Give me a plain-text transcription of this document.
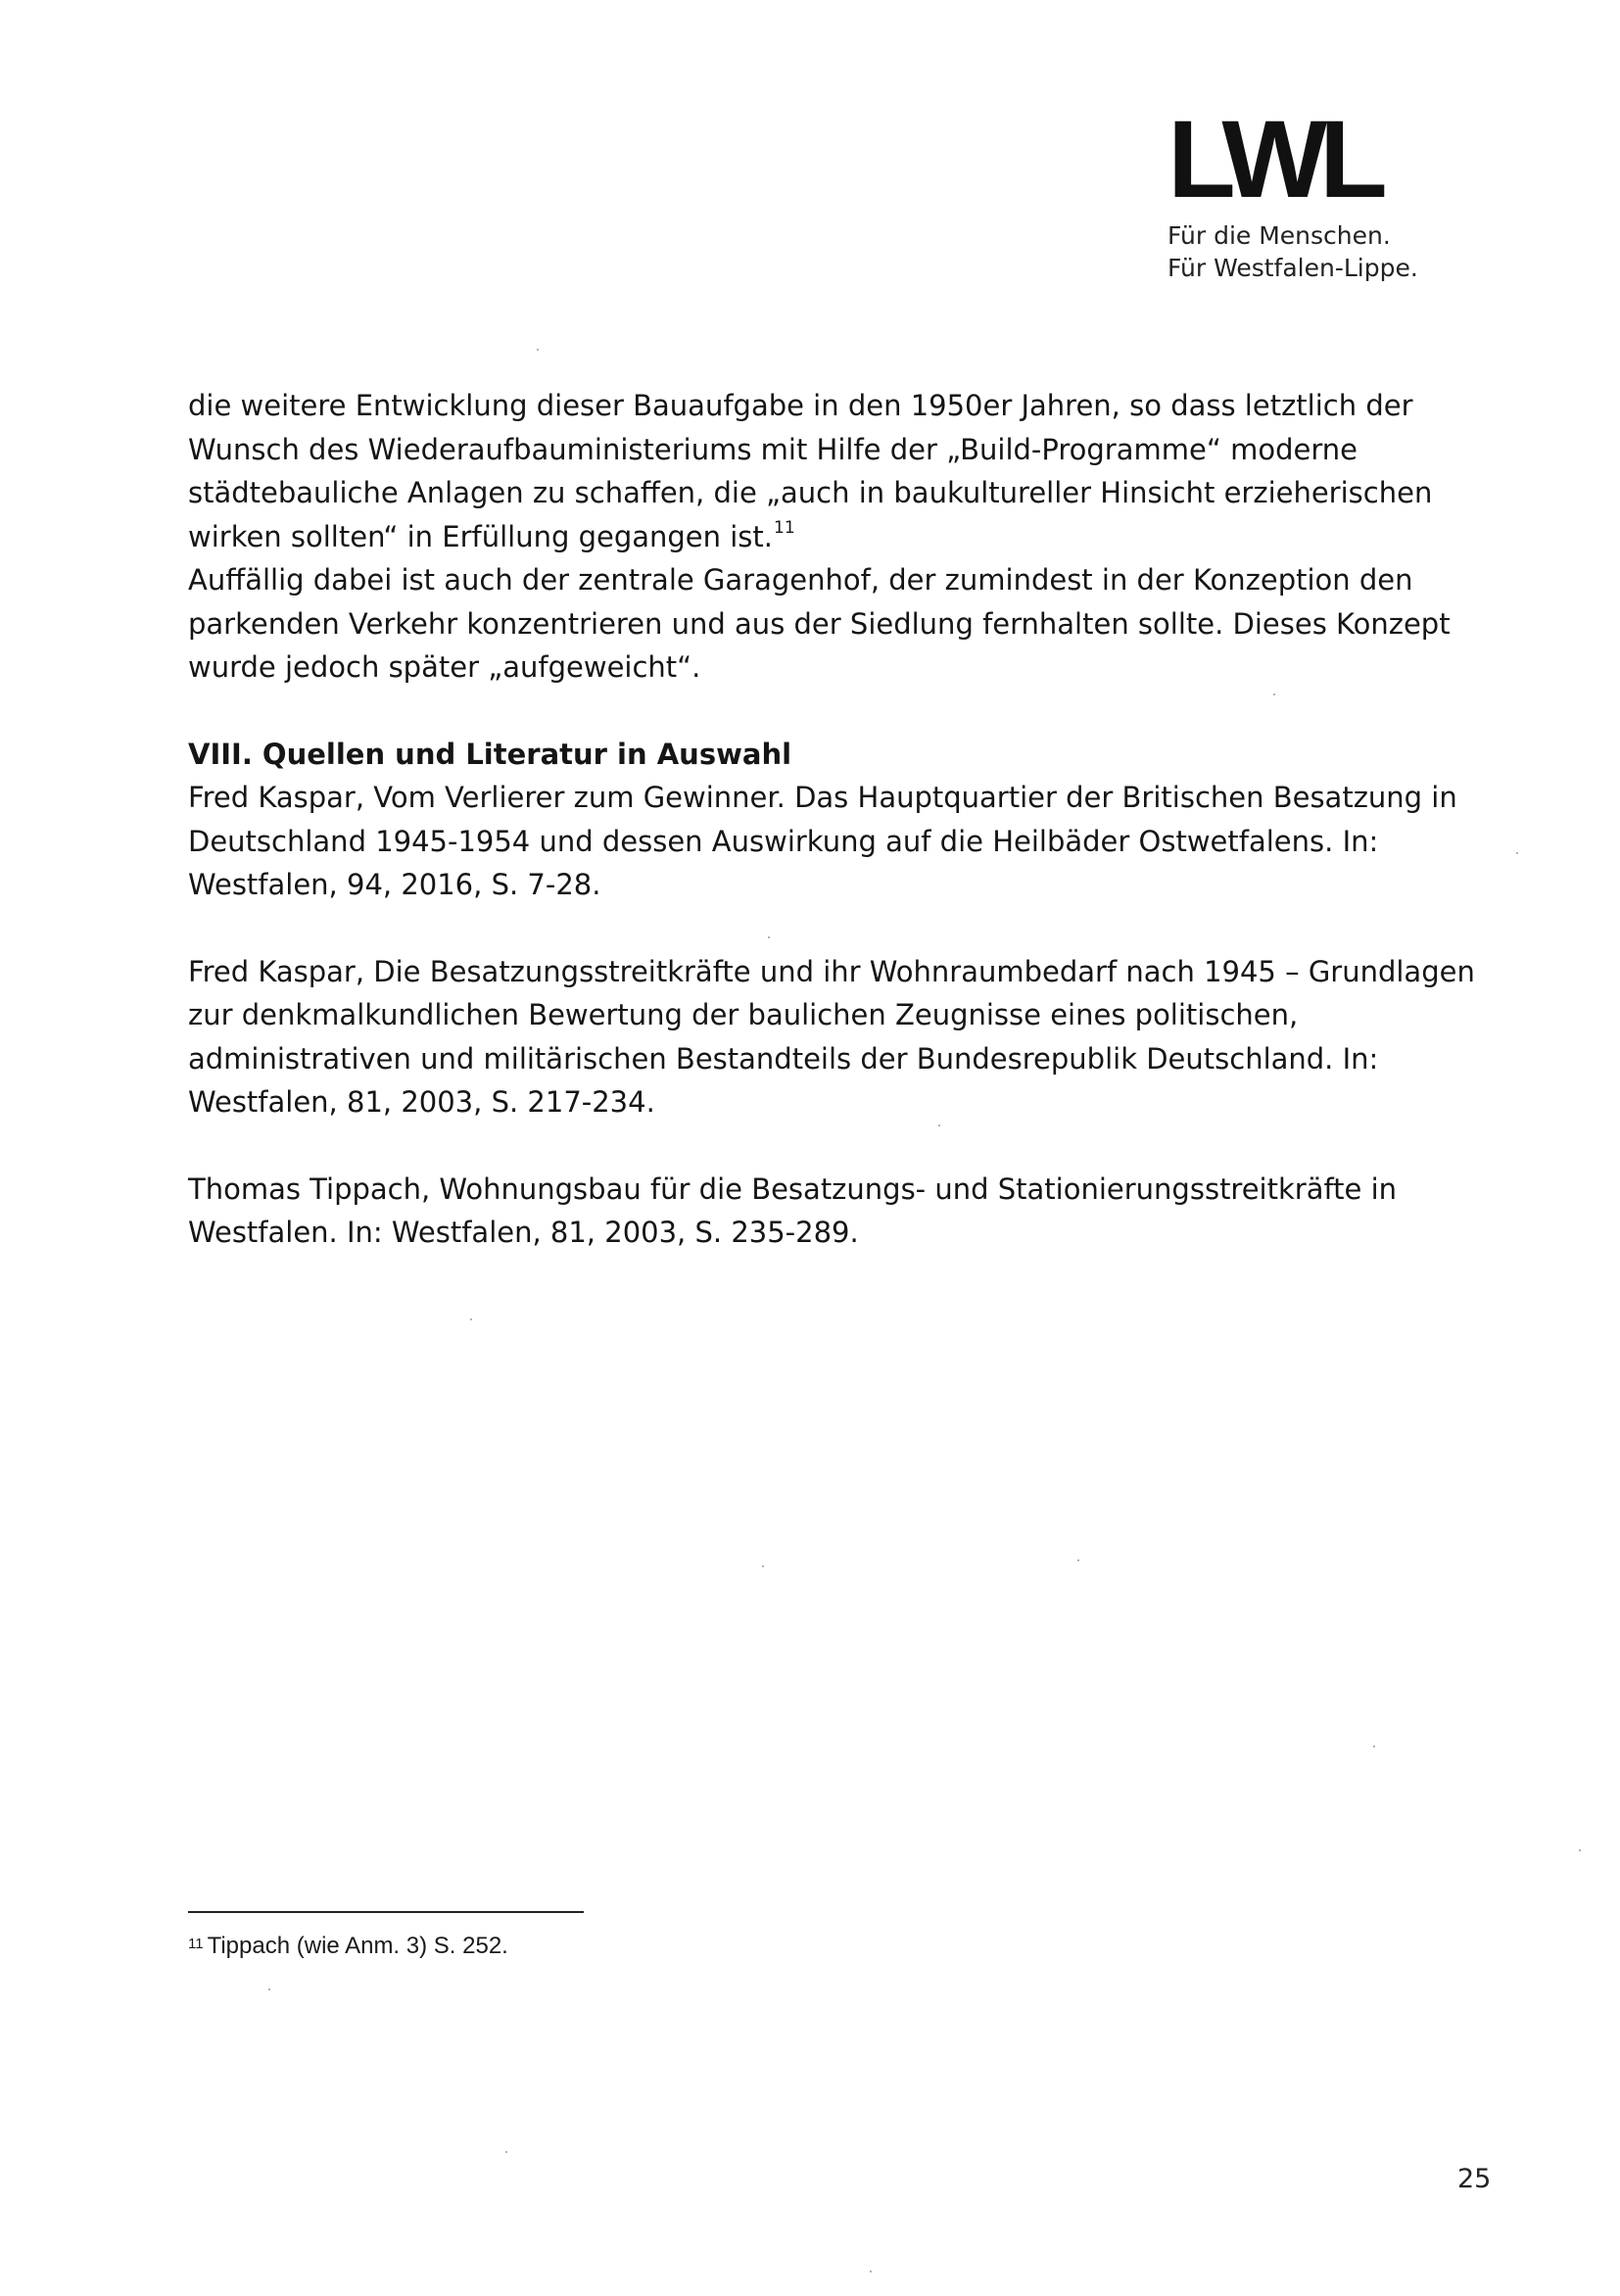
LWL
Für die Menschen.
Für Westfalen-Lippe.

die weitere Entwicklung dieser Bauaufgabe in den 1950er Jahren, so dass letztlich der
Wunsch des Wiederaufbauministeriums mit Hilfe der „Build-Programme“ moderne
städtebauliche Anlagen zu schaffen, die „auch in baukultureller Hinsicht erzieherischen
wirken sollten“ in Erfüllung gegangen ist.$^{11}$

Auffällig dabei ist auch der zentrale Garagenhof, der zumindest in der Konzeption den
parkenden Verkehr konzentrieren und aus der Siedlung fernhalten sollte. Dieses Konzept
wurde jedoch später „aufgeweicht“.

VIII. Quellen und Literatur in Auswahl

Fred Kaspar, Vom Verlierer zum Gewinner. Das Hauptquartier der Britischen Besatzung in
Deutschland 1945-1954 und dessen Auswirkung auf die Heilbäder Ostwetfalens. In:
Westfalen, 94, 2016, S. 7-28.

Fred Kaspar, Die Besatzungsstreitkräfte und ihr Wohnraumbedarf nach 1945 – Grundlagen
zur denkmalkundlichen Bewertung der baulichen Zeugnisse eines politischen,
administrativen und militärischen Bestandteils der Bundesrepublik Deutschland. In:
Westfalen, 81, 2003, S. 217-234.

Thomas Tippach, Wohnungsbau für die Besatzungs- und Stationierungsstreitkräfte in
Westfalen. In: Westfalen, 81, 2003, S. 235-289.

$^{11}$ Tippach (wie Anm. 3) S. 252.
25
